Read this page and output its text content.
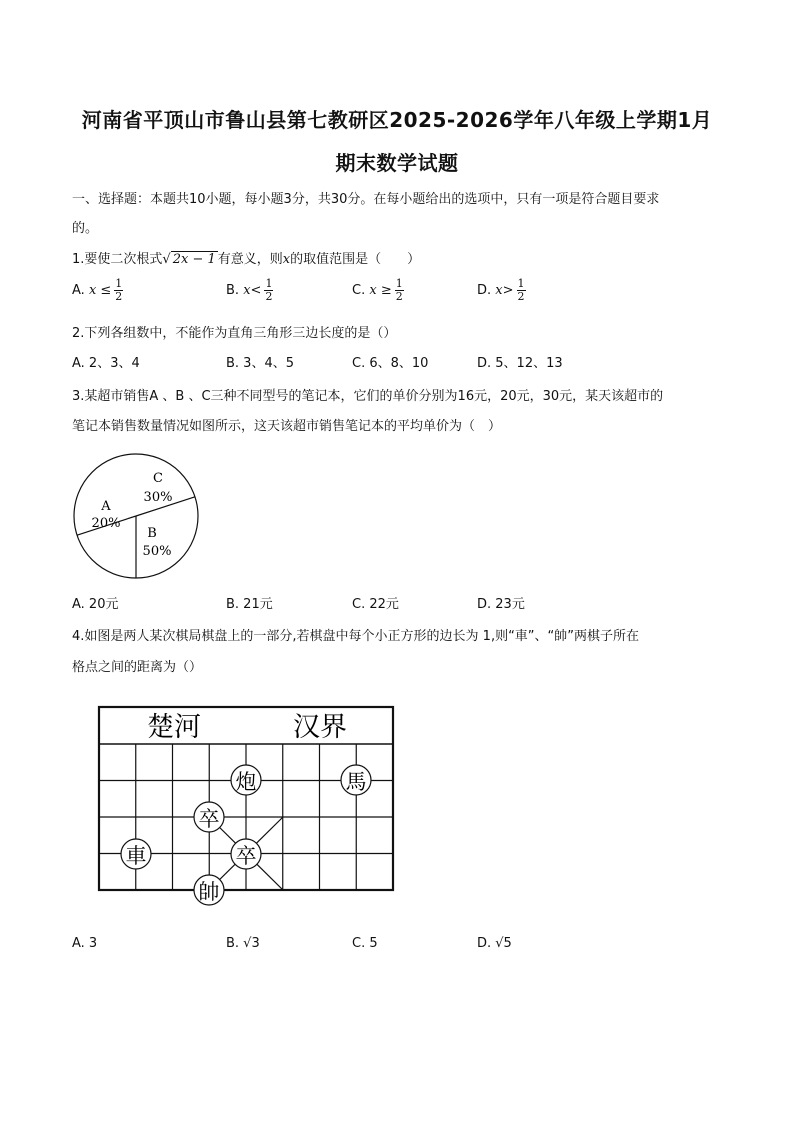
河南省平顶山市鲁山县第七教研区2025-2026学年八年级上学期1月
期末数学试题
一、选择题：本题共10小题，每小题3分，共30分。在每小题给出的选项中，只有一项是符合题目要求
的。
1.要使二次根式√ 2x − 1 有意义，则x的取值范围是（　　）
A. $x \le \frac{1}{2}$	B. $x< \frac{1}{2}$	C. $x \ge \frac{1}{2}$	D. $x> \frac{1}{2}$
2.下列各组数中，不能作为直角三角形三边长度的是（）
A. 2、3、4	B. 3、4、5	C. 6、8、10	D. 5、12、13
3.某超市销售A 、B 、C三种不同型号的笔记本，它们的单价分别为16元，20元，30元，某天该超市的
笔记本销售数量情况如图所示，这天该超市销售笔记本的平均单价为（　）
A
20%
C
30%
B
50%
A. 20元	B. 21元	C. 22元	D. 23元
4.如图是两人某次棋局棋盘上的一部分,若棋盘中每个小正方形的边长为 1,则“車”、“帥”两棋子所在
格点之间的距离为（）
楚河	汉界
炮	馬
卒
卒
車
帥
A. 3	B. √3	C. 5	D. √5
